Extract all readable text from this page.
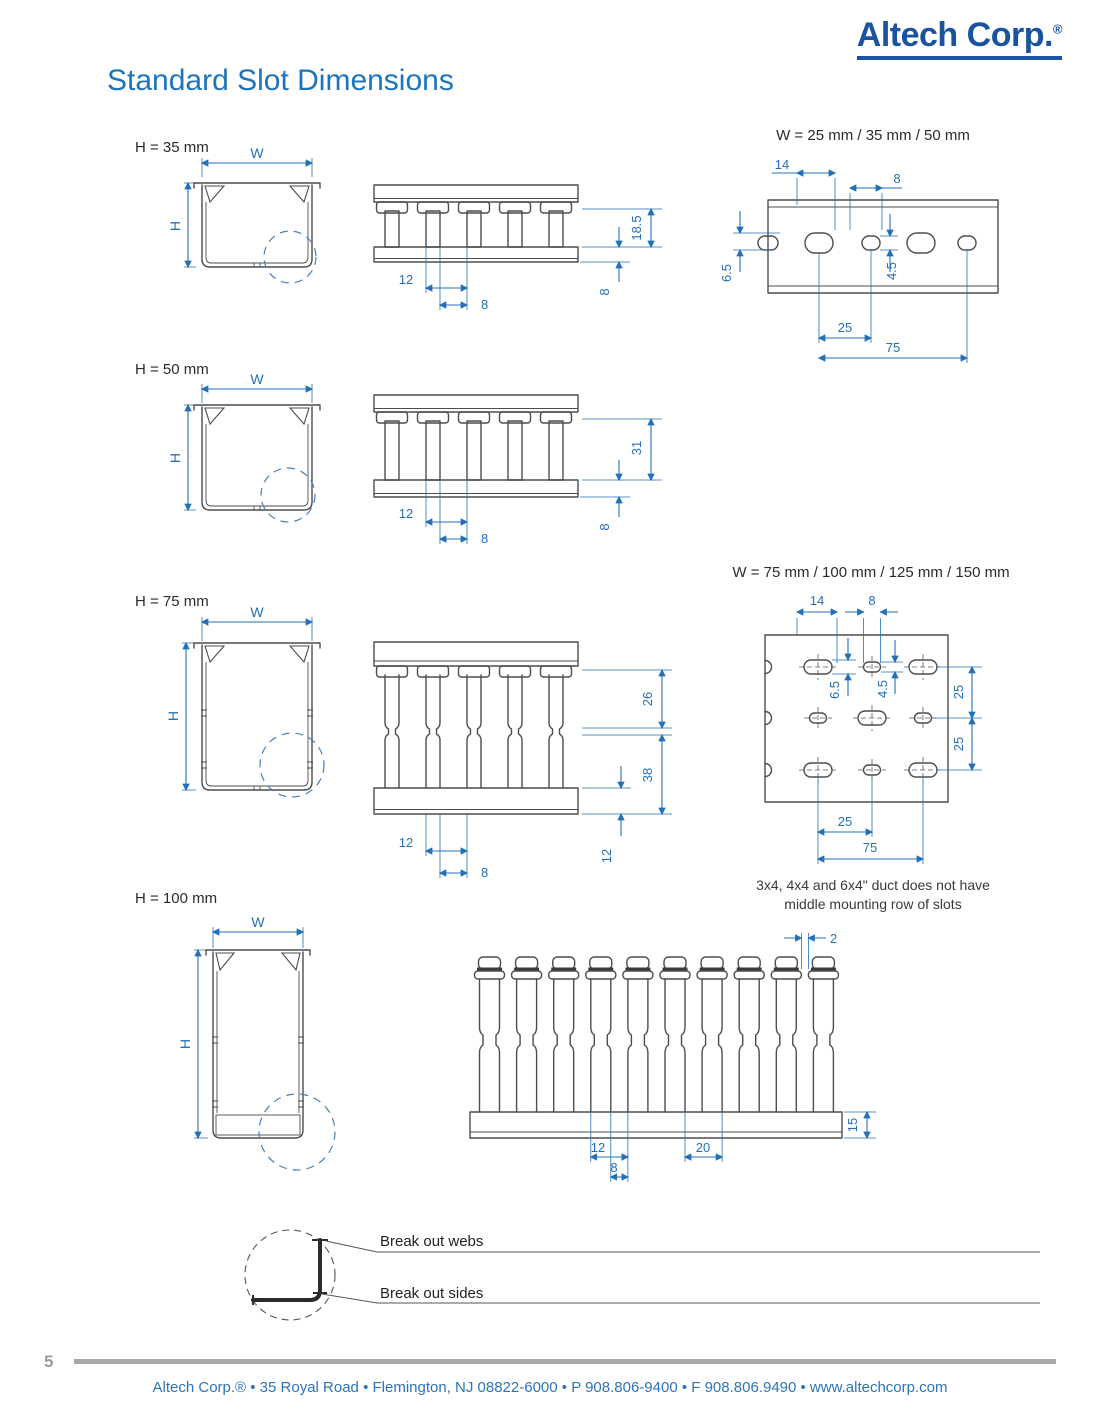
Altech Corp.®
Standard Slot Dimensions
H = 35 mm
H = 50 mm
H = 75 mm
H = 100 mm
W = 25 mm / 35 mm / 50 mm
W = 75 mm / 100 mm / 125 mm / 150 mm
W
H	18.5
8
12
8
14
8
6.5	4.5
25
75
W
H
31
8
12
8
W
H
26
38
12
12
8
14	8
6.5	4.5	25
25
25
75
3x4, 4x4 and 6x4" duct does not have
middle mounting row of slots
W
H
2
15
12
8
20
Break out webs
Break out sides
5
Altech Corp.® • 35 Royal Road • Flemington, NJ 08822-6000 • P 908.806-9400 • F 908.806.9490 • www.altechcorp.com
